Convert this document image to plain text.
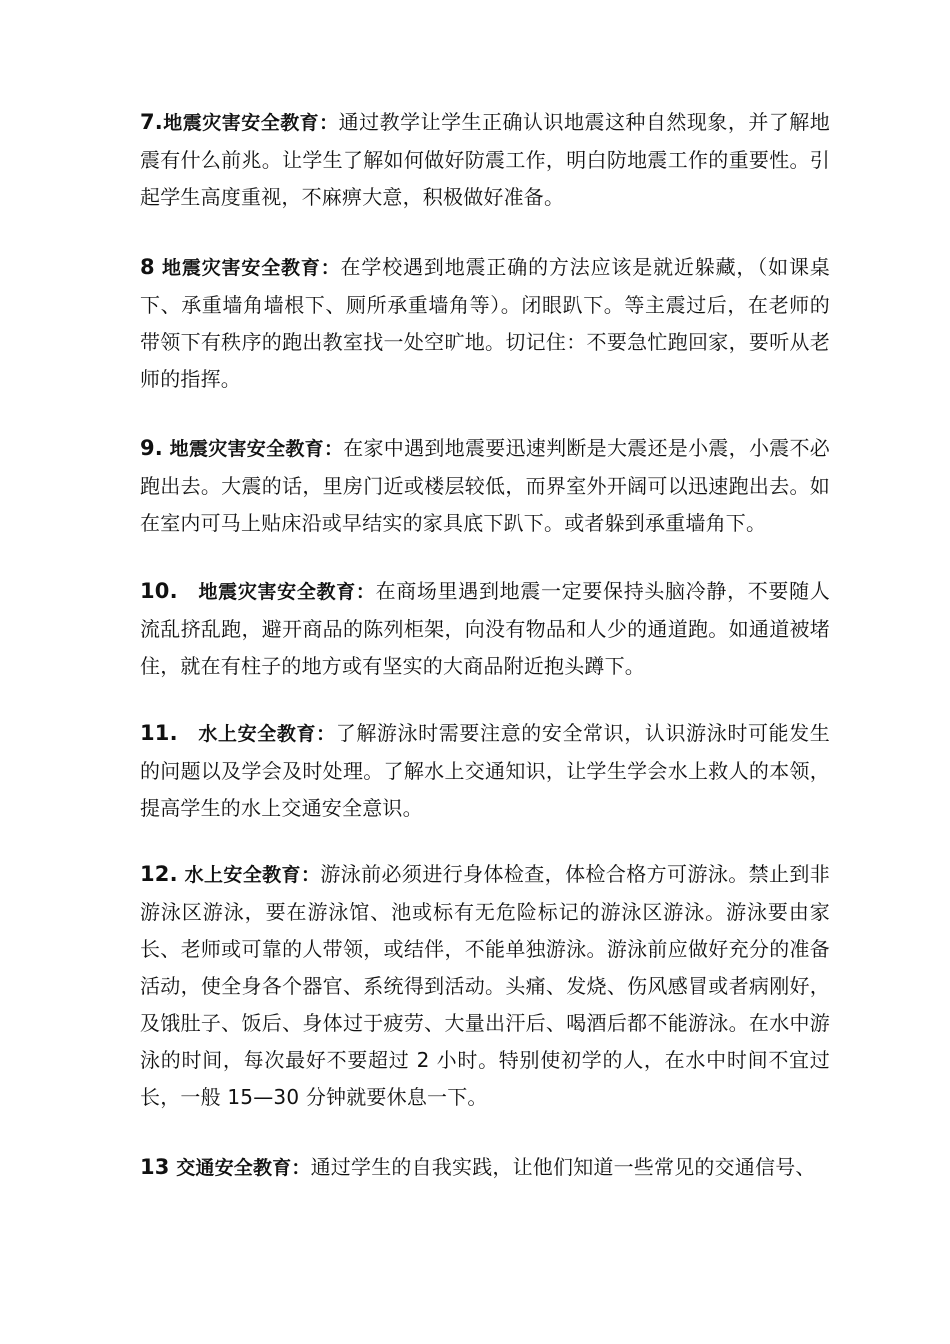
7.地震灾害安全教育：通过教学让学生正确认识地震这种自然现象，并了解地震有什么前兆。让学生了解如何做好防震工作，明白防地震工作的重要性。引起学生高度重视，不麻痹大意，积极做好准备。

8 地震灾害安全教育：在学校遇到地震正确的方法应该是就近躲藏，（如课桌下、承重墙角墙根下、厕所承重墙角等）。闭眼趴下。等主震过后，在老师的带领下有秩序的跑出教室找一处空旷地。切记住：不要急忙跑回家，要听从老师的指挥。

9. 地震灾害安全教育：在家中遇到地震要迅速判断是大震还是小震，小震不必跑出去。大震的话，里房门近或楼层较低，而界室外开阔可以迅速跑出去。如在室内可马上贴床沿或早结实的家具底下趴下。或者躲到承重墙角下。

10. 地震灾害安全教育：在商场里遇到地震一定要保持头脑冷静，不要随人流乱挤乱跑，避开商品的陈列柜架，向没有物品和人少的通道跑。如通道被堵住，就在有柱子的地方或有坚实的大商品附近抱头蹲下。

11. 水上安全教育：了解游泳时需要注意的安全常识，认识游泳时可能发生的问题以及学会及时处理。了解水上交通知识，让学生学会水上救人的本领，提高学生的水上交通安全意识。

12. 水上安全教育：游泳前必须进行身体检查，体检合格方可游泳。禁止到非游泳区游泳，要在游泳馆、池或标有无危险标记的游泳区游泳。游泳要由家长、老师或可靠的人带领，或结伴，不能单独游泳。游泳前应做好充分的准备活动，使全身各个器官、系统得到活动。头痛、发烧、伤风感冒或者病刚好，及饿肚子、饭后、身体过于疲劳、大量出汗后、喝酒后都不能游泳。在水中游泳的时间，每次最好不要超过 2 小时。特别使初学的人，在水中时间不宜过长，一般 15—30 分钟就要休息一下。

13 交通安全教育：通过学生的自我实践，让他们知道一些常见的交通信号、
